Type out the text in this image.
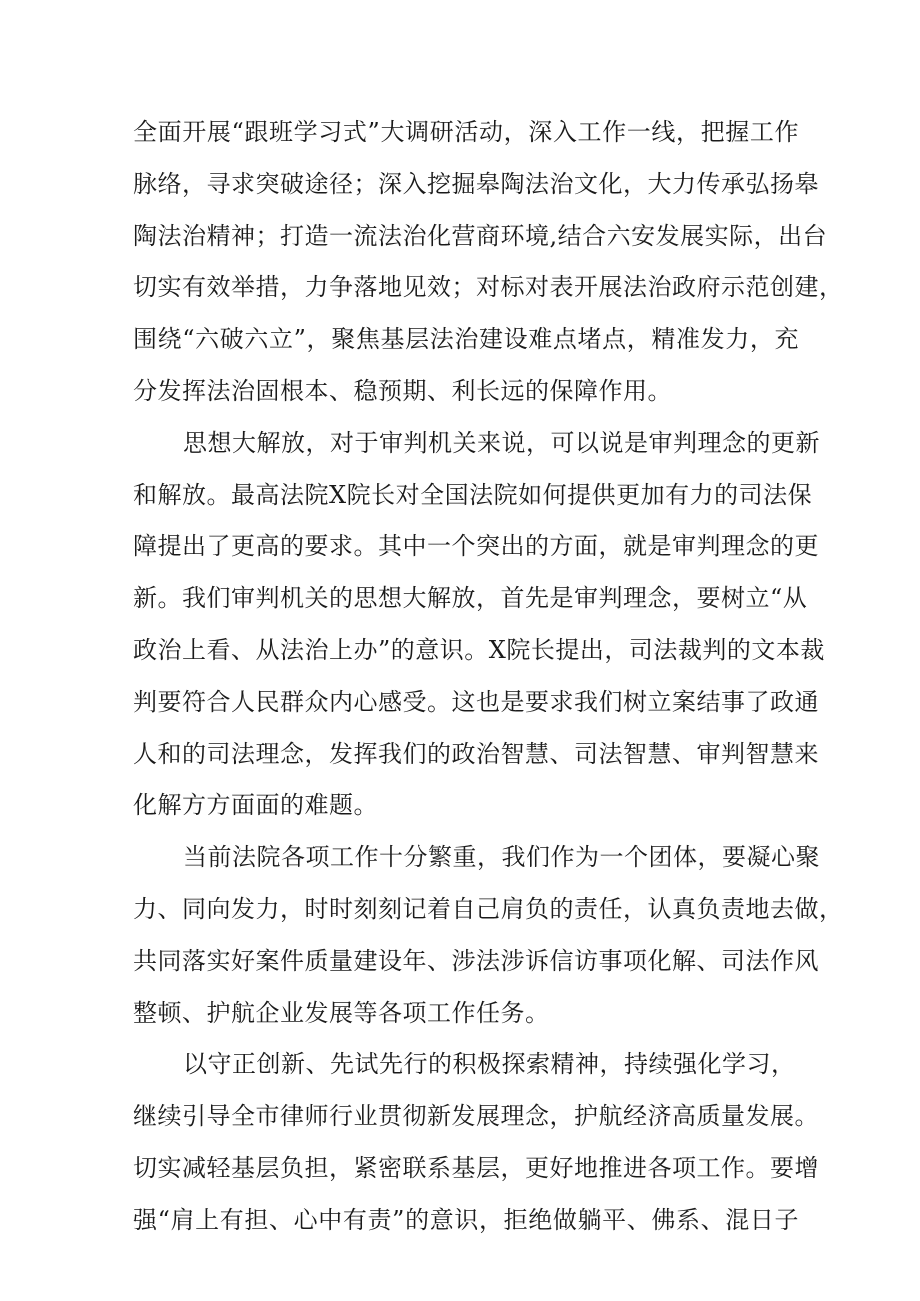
全面开展“跟班学习式”大调研活动，深入工作一线，把握工作
脉络，寻求突破途径；深入挖掘皋陶法治文化，大力传承弘扬皋
陶法治精神；打造一流法治化营商环境,结合六安发展实际，出台
切实有效举措，力争落地见效；对标对表开展法治政府示范创建，
围绕“六破六立”，聚焦基层法治建设难点堵点，精准发力，充
分发挥法治固根本、稳预期、利长远的保障作用。
思想大解放，对于审判机关来说，可以说是审判理念的更新
和解放。最高法院X院长对全国法院如何提供更加有力的司法保
障提出了更高的要求。其中一个突出的方面，就是审判理念的更
新。我们审判机关的思想大解放，首先是审判理念，要树立“从
政治上看、从法治上办”的意识。X院长提出，司法裁判的文本裁
判要符合人民群众内心感受。这也是要求我们树立案结事了政通
人和的司法理念，发挥我们的政治智慧、司法智慧、审判智慧来
化解方方面面的难题。
当前法院各项工作十分繁重，我们作为一个团体，要凝心聚
力、同向发力，时时刻刻记着自己肩负的责任，认真负责地去做，
共同落实好案件质量建设年、涉法涉诉信访事项化解、司法作风
整顿、护航企业发展等各项工作任务。
以守正创新、先试先行的积极探索精神，持续强化学习，
继续引导全市律师行业贯彻新发展理念，护航经济高质量发展。
切实减轻基层负担，紧密联系基层，更好地推进各项工作。要增
强“肩上有担、心中有责”的意识，拒绝做躺平、佛系、混日子
